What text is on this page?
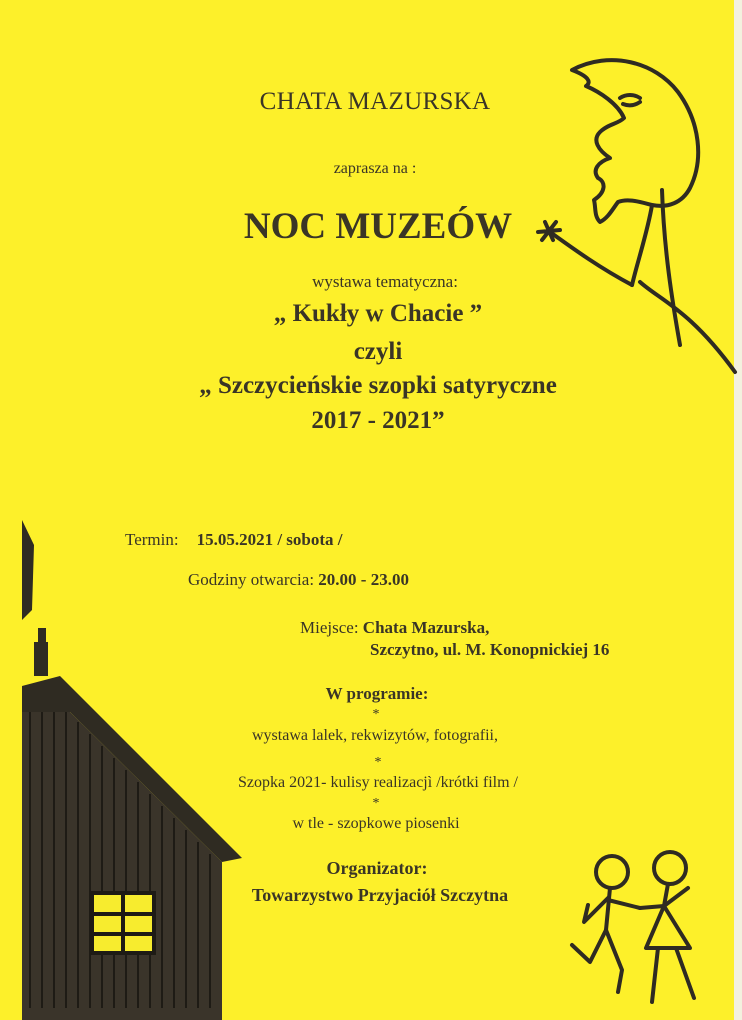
CHATA MAZURSKA
zaprasza na :
NOC MUZEÓW
wystawa tematyczna:
„ Kukły w Chacie ”
czyli
„ Szczycieńskie szopki satyryczne
2017 - 2021”
Termin: 15.05.2021 / sobota /
Godziny otwarcia: 20.00 - 23.00
Miejsce: Chata Mazurska,
Szczytno, ul. M. Konopnickiej 16
W programie:
*
wystawa lalek, rekwizytów, fotografii,
*
Szopka 2021- kulisy realizacjì /krótki film /
*
w tle - szopkowe piosenki
Organizator:
Towarzystwo Przyjaciół Szczytna
